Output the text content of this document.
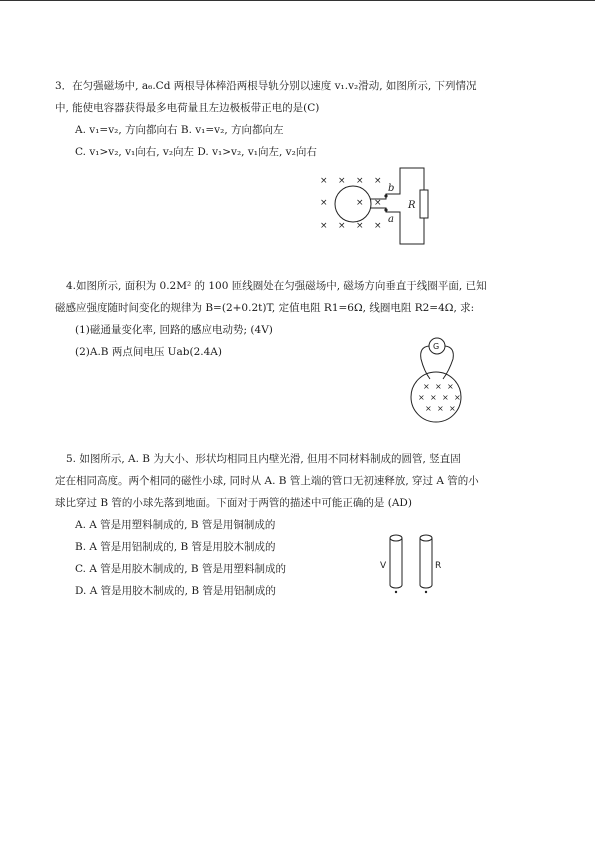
3．在匀强磁场中, a₆.Cd 两根导体棒沿两根导轨分别以速度 v₁.v₂滑动, 如图所示, 下列情况
中, 能使电容器获得最多电荷量且左边极板带正电的是(C)
A. v₁=v₂, 方向都向右 B. v₁=v₂, 方向都向左
C. v₁>v₂, v₁向右, v₂向左 D. v₁>v₂, v₁向左, v₂向右
× × × ×
×	× ×
× × × ×
b
a
R
4.如图所示, 面积为 0.2M² 的 100 匝线圈处在匀强磁场中, 磁场方向垂直于线圈平面, 已知
磁感应强度随时间变化的规律为 B=(2+0.2t)T, 定值电阻 R1=6Ω, 线圈电阻 R2=4Ω, 求:
(1)磁通量变化率, 回路的感应电动势; (4V)
(2)A.B 两点间电压 Uab(2.4A)	G
× × ×
× × × ×
× × ×
5. 如图所示, A. B 为大小、形状均相同且内壁光滑, 但用不同材料制成的圆管, 竖直固
定在相同高度。两个相同的磁性小球, 同时从 A. B 管上端的管口无初速释放, 穿过 A 管的小
球比穿过 B 管的小球先落到地面。下面对于两管的描述中可能正确的是 (AD)
A. A 管是用塑料制成的, B 管是用铜制成的
B. A 管是用铝制成的, B 管是用胶木制成的
C. A 管是用胶木制成的, B 管是用塑料制成的
D. A 管是用胶木制成的, B 管是用铝制成的
V	R
